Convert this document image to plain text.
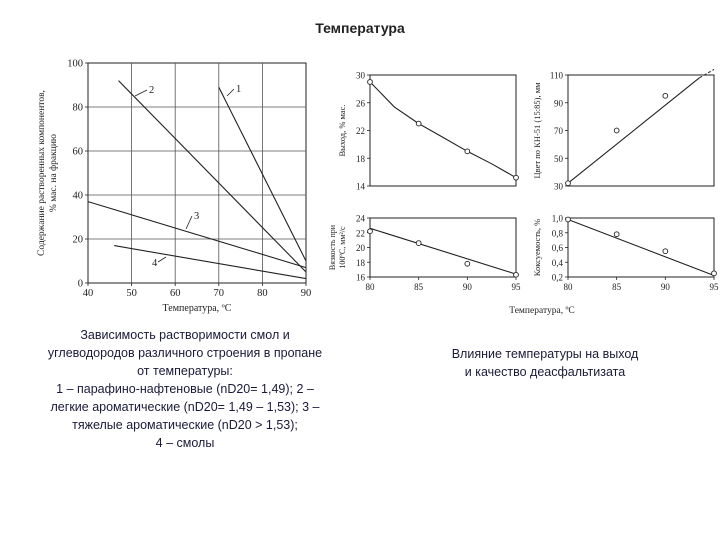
Температура
40	50	60	70	80	90
0
20
40
60
80
100
Содержание растворенных компонентов, % мас. на фракцию
Температура, ºС
1
2
3
4
14
18
22
26
30
Выход, % мас.
30
50
70
90
110
Цвет по КН-51 (15:85), мм
80	85	90	95
16
18
20
22
24
Вязкость при 100ºС, мм²/с
80	85	90	95
0,2
0,4
0,6
0,8
1,0
Коксуемость, %
Температура, ºС
Зависимость растворимости смол и
углеводородов различного строения в пропане
от температуры:
1 – парафино-нафтеновые (nD20= 1,49); 2 –
легкие ароматические (nD20= 1,49 – 1,53); 3 –
тяжелые ароматические (nD20 > 1,53);
4 – смолы
Влияние температуры на выход
и качество деасфальтизата
